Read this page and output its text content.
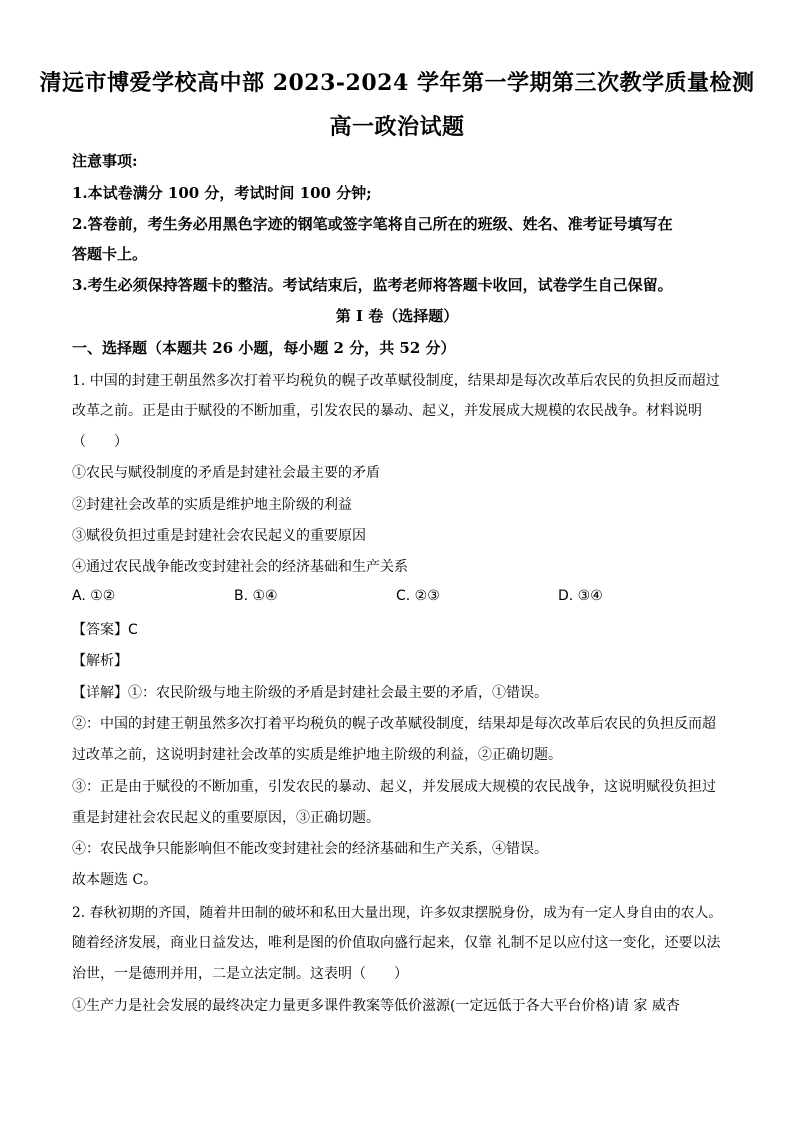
清远市博爱学校高中部 2023-2024 学年第一学期第三次教学质量检测
高一政治试题
注意事项:
1.本试卷满分 100 分，考试时间 100 分钟;
2.答卷前，考生务必用黑色字迹的钢笔或签字笔将自己所在的班级、姓名、准考证号填写在
答题卡上。
3.考生必须保持答题卡的整洁。考试结束后，监考老师将答题卡收回，试卷学生自己保留。
第 I 卷（选择题）
一、选择题（本题共 26 小题，每小题 2 分，共 52 分）
1. 中国的封建王朝虽然多次打着平均税负的幌子改革赋役制度，结果却是每次改革后农民的负担反而超过
改革之前。正是由于赋役的不断加重，引发农民的暴动、起义，并发展成大规模的农民战争。材料说明
（　　）
①农民与赋役制度的矛盾是封建社会最主要的矛盾
②封建社会改革的实质是维护地主阶级的利益
③赋役负担过重是封建社会农民起义的重要原因
④通过农民战争能改变封建社会的经济基础和生产关系
A. ①②	B. ①④	C. ②③	D. ③④
【答案】C
【解析】
【详解】①：农民阶级与地主阶级的矛盾是封建社会最主要的矛盾，①错误。
②：中国的封建王朝虽然多次打着平均税负的幌子改革赋役制度，结果却是每次改革后农民的负担反而超
过改革之前，这说明封建社会改革的实质是维护地主阶级的利益，②正确切题。
③：正是由于赋役的不断加重，引发农民的暴动、起义，并发展成大规模的农民战争，这说明赋役负担过
重是封建社会农民起义的重要原因，③正确切题。
④：农民战争只能影响但不能改变封建社会的经济基础和生产关系，④错误。
故本题选 C。
2. 春秋初期的齐国，随着井田制的破坏和私田大量出现，许多奴隶摆脱身份，成为有一定人身自由的农人。
随着经济发展，商业日益发达，唯利是图的价值取向盛行起来，仅靠 礼制不足以应付这一变化，还要以法
治世，一是德刑并用，二是立法定制。这表明（　　）
①生产力是社会发展的最终决定力量更多课件教案等低价滋源(一定远低于各大平台价格)请 家 威杏
